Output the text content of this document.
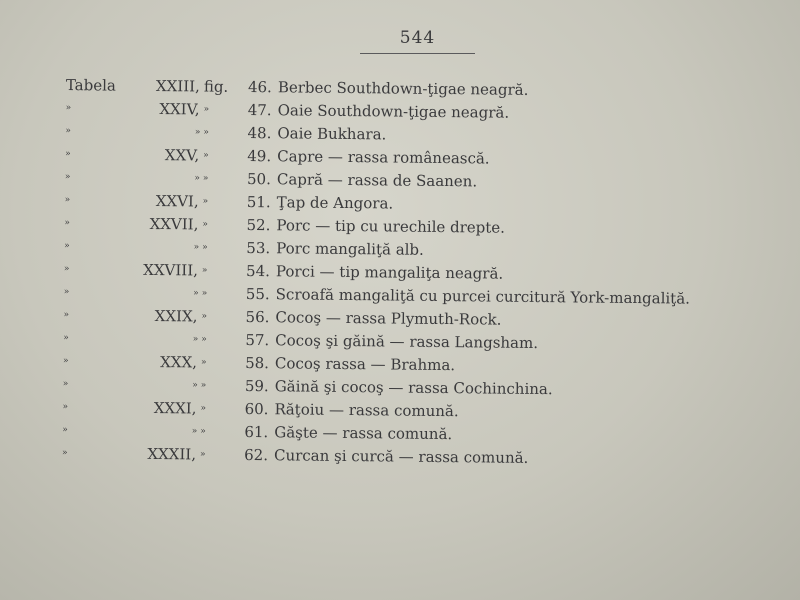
544
Tabela	XXIII, fig.	46. Berbec Southdown-ţigae neagră.
»	XXIV, »	47. Oaie Southdown-ţigae neagră.
»	» »	48. Oaie Bukhara.
»	XXV, »	49. Capre — rassa românească.
»	» »	50. Capră — rassa de Saanen.
»	XXVI, »	51. Ţap de Angora.
»	XXVII, »	52. Porc — tip cu urechile drepte.
»	» »	53. Porc mangaliţă alb.
»	XXVIII, »	54. Porci — tip mangaliţa neagră.
»	» »	55. Scroafă mangaliţă cu purcei curcitură York-mangaliţă.
»	XXIX, »	56. Cocoş — rassa Plymuth-Rock.
»	» »	57. Cocoş şi găină — rassa Langsham.
»	XXX, »	58. Cocoş rassa — Brahma.
»	» »	59. Găină şi cocoş — rassa Cochinchina.
»	XXXI, »	60. Răţoiu — rassa comună.
»	» »	61. Găşte — rassa comună.
»	XXXII, »	62. Curcan şi curcă — rassa comună.
